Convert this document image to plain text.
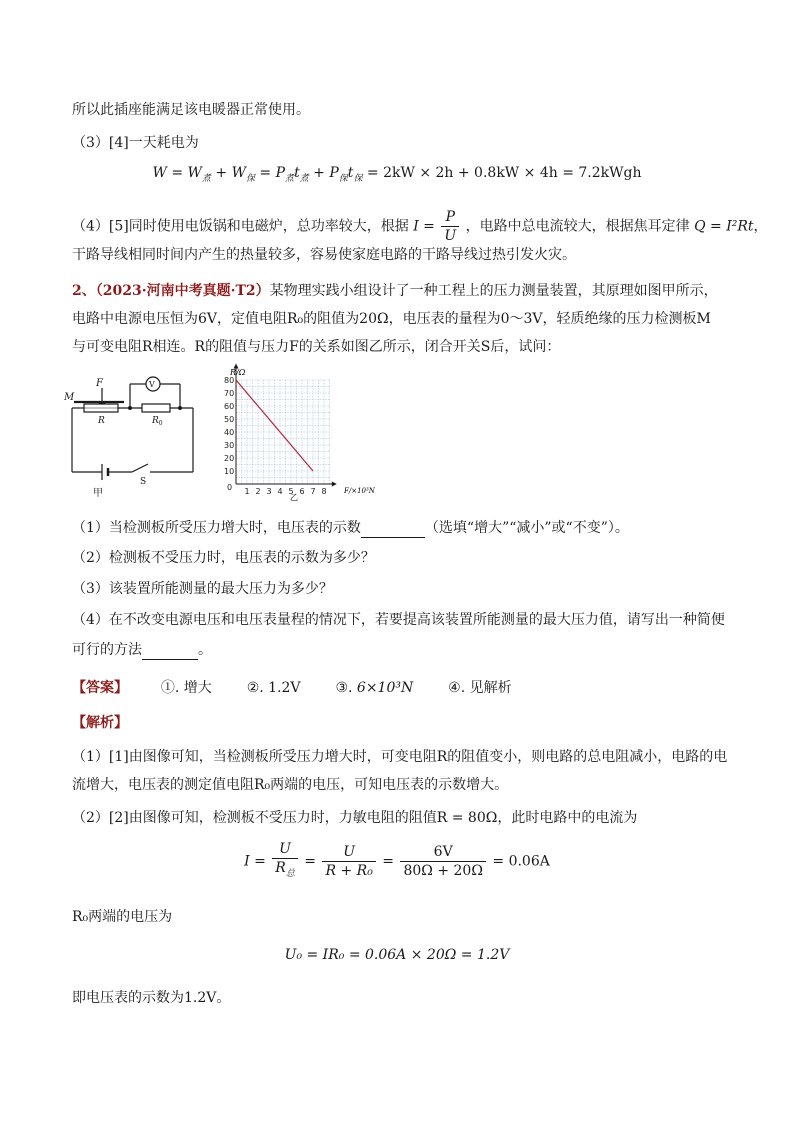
所以此插座能满足该电暖器正常使用。
（3）[4]一天耗电为
$W = W_煮 + W_保 = P_煮t_煮 + P_保t_保 = 2kW \times 2h + 0.8kW \times 4h$ = 7.2kWgh
（4）[5]同时使用电饭锅和电磁炉，总功率较大，根据 $I = \frac{P}{U}$ ，电路中总电流较大，根据焦耳定律 Q = I²Rt，
干路导线相同时间内产生的热量较多，容易使家庭电路的干路导线过热引发火灾。
2、（2023·河南中考真题·T2）某物理实践小组设计了一种工程上的压力测量装置，其原理如图甲所示，
电路中电源电压恒为6V，定值电阻R₀的阻值为20Ω，电压表的量程为0～3V，轻质绝缘的压力检测板M
与可变电阻R相连。R的阻值与压力F的关系如图乙所示，闭合开关S后，试问：
F
M
R	$R_0$
V
S
甲	1 2 3 4 5 6 7 8
10
20
30
40
50
60
70
80
R/Ω
F/×10³N
乙
0
（1）当检测板所受压力增大时，电压表的示数	（选填“增大”“减小”或“不变”）。
（2）检测板不受压力时，电压表的示数为多少？
（3）该装置所能测量的最大压力为多少？
（4）在不改变电源电压和电压表量程的情况下，若要提高该装置所能测量的最大压力值，请写出一种简便
可行的方法	。
【答案】 ①. 增大 ②. 1.2V ③. 6×10³N ④. 见解析
【解析】
（1）[1]由图像可知，当检测板所受压力增大时，可变电阻R的阻值变小，则电路的总电阻减小，电路的电
流增大，电压表的测定值电阻R₀两端的电压，可知电压表的示数增大。
（2）[2]由图像可知，检测板不受压力时，力敏电阻的阻值R = 80Ω，此时电路中的电流为
$I = \frac{U}{R_总} = \frac{U}{\text{R + R₀}} = \frac{6V}{80\Omega + 20\Omega} = 0.06A$
R₀两端的电压为
U₀ = IR₀ = 0.06A × 20Ω = 1.2V
即电压表的示数为1.2V。
